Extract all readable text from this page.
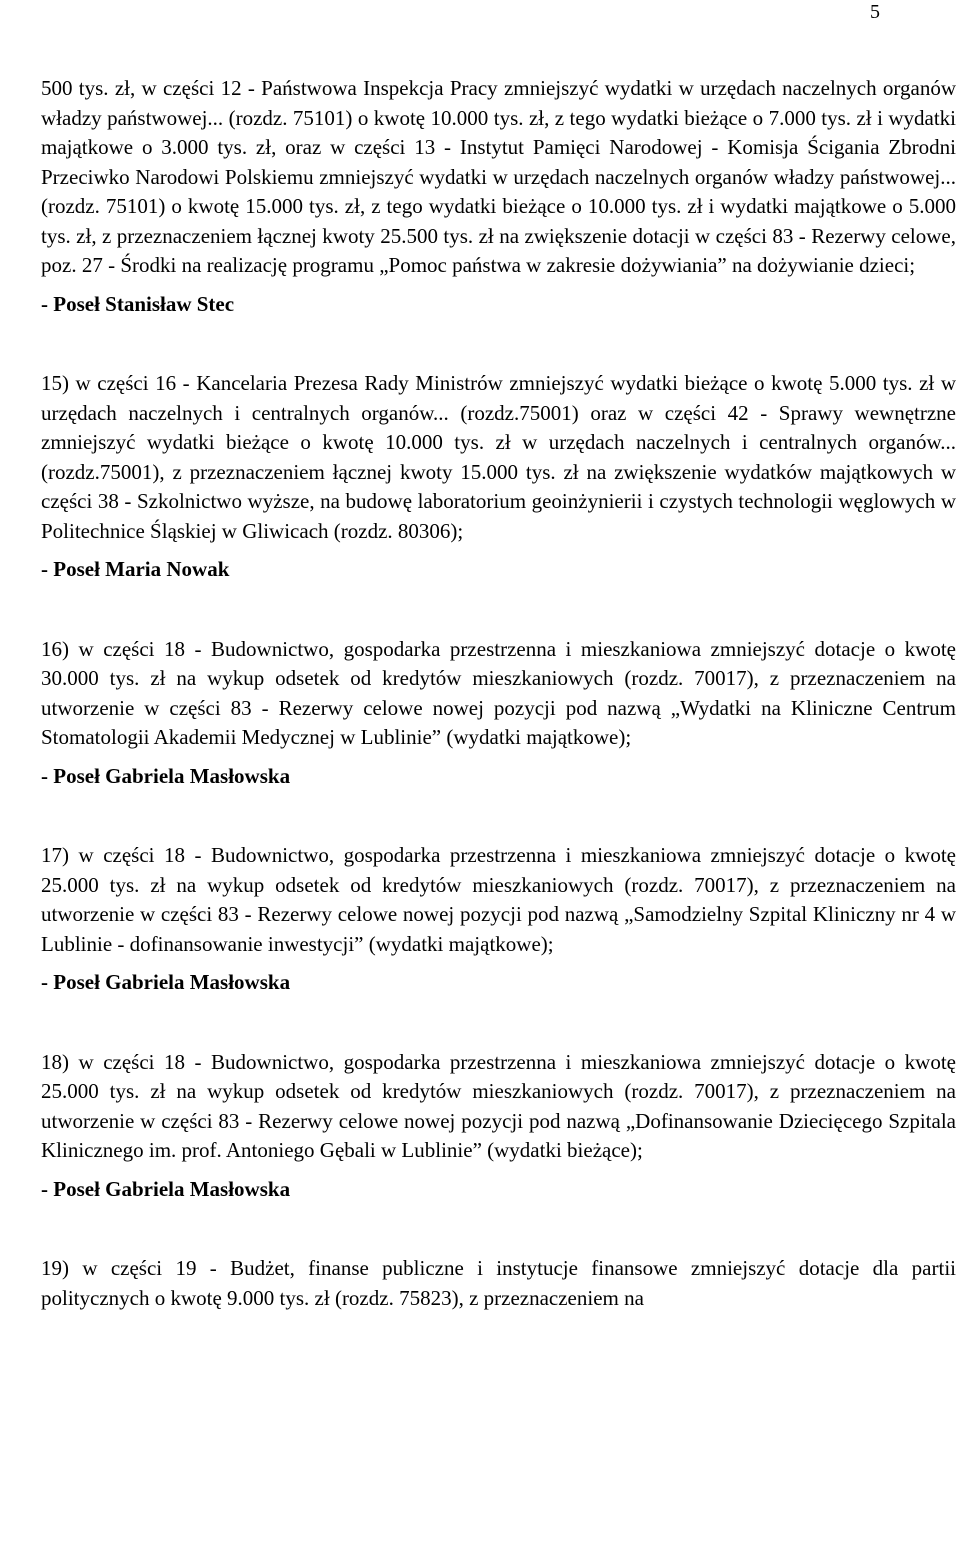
5

500 tys. zł, w części 12 - Państwowa Inspekcja Pracy zmniejszyć wydatki w urzędach naczelnych organów władzy państwowej... (rozdz. 75101) o kwotę 10.000 tys. zł, z tego wydatki bieżące o 7.000 tys. zł i wydatki majątkowe o 3.000 tys. zł, oraz w części 13 - Instytut Pamięci Narodowej - Komisja Ścigania Zbrodni Przeciwko Narodowi Polskiemu zmniejszyć wydatki w urzędach naczelnych organów władzy państwowej... (rozdz. 75101) o kwotę 15.000 tys. zł, z tego wydatki bieżące o 10.000 tys. zł i wydatki majątkowe o 5.000 tys. zł, z przeznaczeniem łącznej kwoty 25.500 tys. zł na zwiększenie dotacji w części 83 - Rezerwy celowe, poz. 27 - Środki na realizację programu „Pomoc państwa w zakresie dożywiania” na dożywianie dzieci;

- Poseł Stanisław Stec

15) w części 16 - Kancelaria Prezesa Rady Ministrów zmniejszyć wydatki bieżące o kwotę 5.000 tys. zł w urzędach naczelnych i centralnych organów... (rozdz.75001) oraz w części 42 - Sprawy wewnętrzne zmniejszyć wydatki bieżące o kwotę 10.000 tys. zł w urzędach naczelnych i centralnych organów... (rozdz.75001), z przeznaczeniem łącznej kwoty 15.000 tys. zł na zwiększenie wydatków majątkowych w części 38 - Szkolnictwo wyższe, na budowę laboratorium geoinżynierii i czystych technologii węglowych w Politechnice Śląskiej w Gliwicach (rozdz. 80306);

- Poseł Maria Nowak

16) w części 18 - Budownictwo, gospodarka przestrzenna i mieszkaniowa zmniejszyć dotacje o kwotę 30.000 tys. zł na wykup odsetek od kredytów mieszkaniowych (rozdz. 70017), z przeznaczeniem na utworzenie w części 83 - Rezerwy celowe nowej pozycji pod nazwą „Wydatki na Kliniczne Centrum Stomatologii Akademii Medycznej w Lublinie” (wydatki majątkowe);

- Poseł Gabriela Masłowska

17) w części 18 - Budownictwo, gospodarka przestrzenna i mieszkaniowa zmniejszyć dotacje o kwotę 25.000 tys. zł na wykup odsetek od kredytów mieszkaniowych (rozdz. 70017), z przeznaczeniem na utworzenie w części 83 - Rezerwy celowe nowej pozycji pod nazwą „Samodzielny Szpital Kliniczny nr 4 w Lublinie - dofinansowanie inwestycji” (wydatki majątkowe);

- Poseł Gabriela Masłowska

18) w części 18 - Budownictwo, gospodarka przestrzenna i mieszkaniowa zmniejszyć dotacje o kwotę 25.000 tys. zł na wykup odsetek od kredytów mieszkaniowych (rozdz. 70017), z przeznaczeniem na utworzenie w części 83 - Rezerwy celowe nowej pozycji pod nazwą „Dofinansowanie Dziecięcego Szpitala Klinicznego im. prof. Antoniego Gębali w Lublinie” (wydatki bieżące);

- Poseł Gabriela Masłowska

19) w części 19 - Budżet, finanse publiczne i instytucje finansowe zmniejszyć dotacje dla partii politycznych o kwotę 9.000 tys. zł (rozdz. 75823), z przeznaczeniem na
